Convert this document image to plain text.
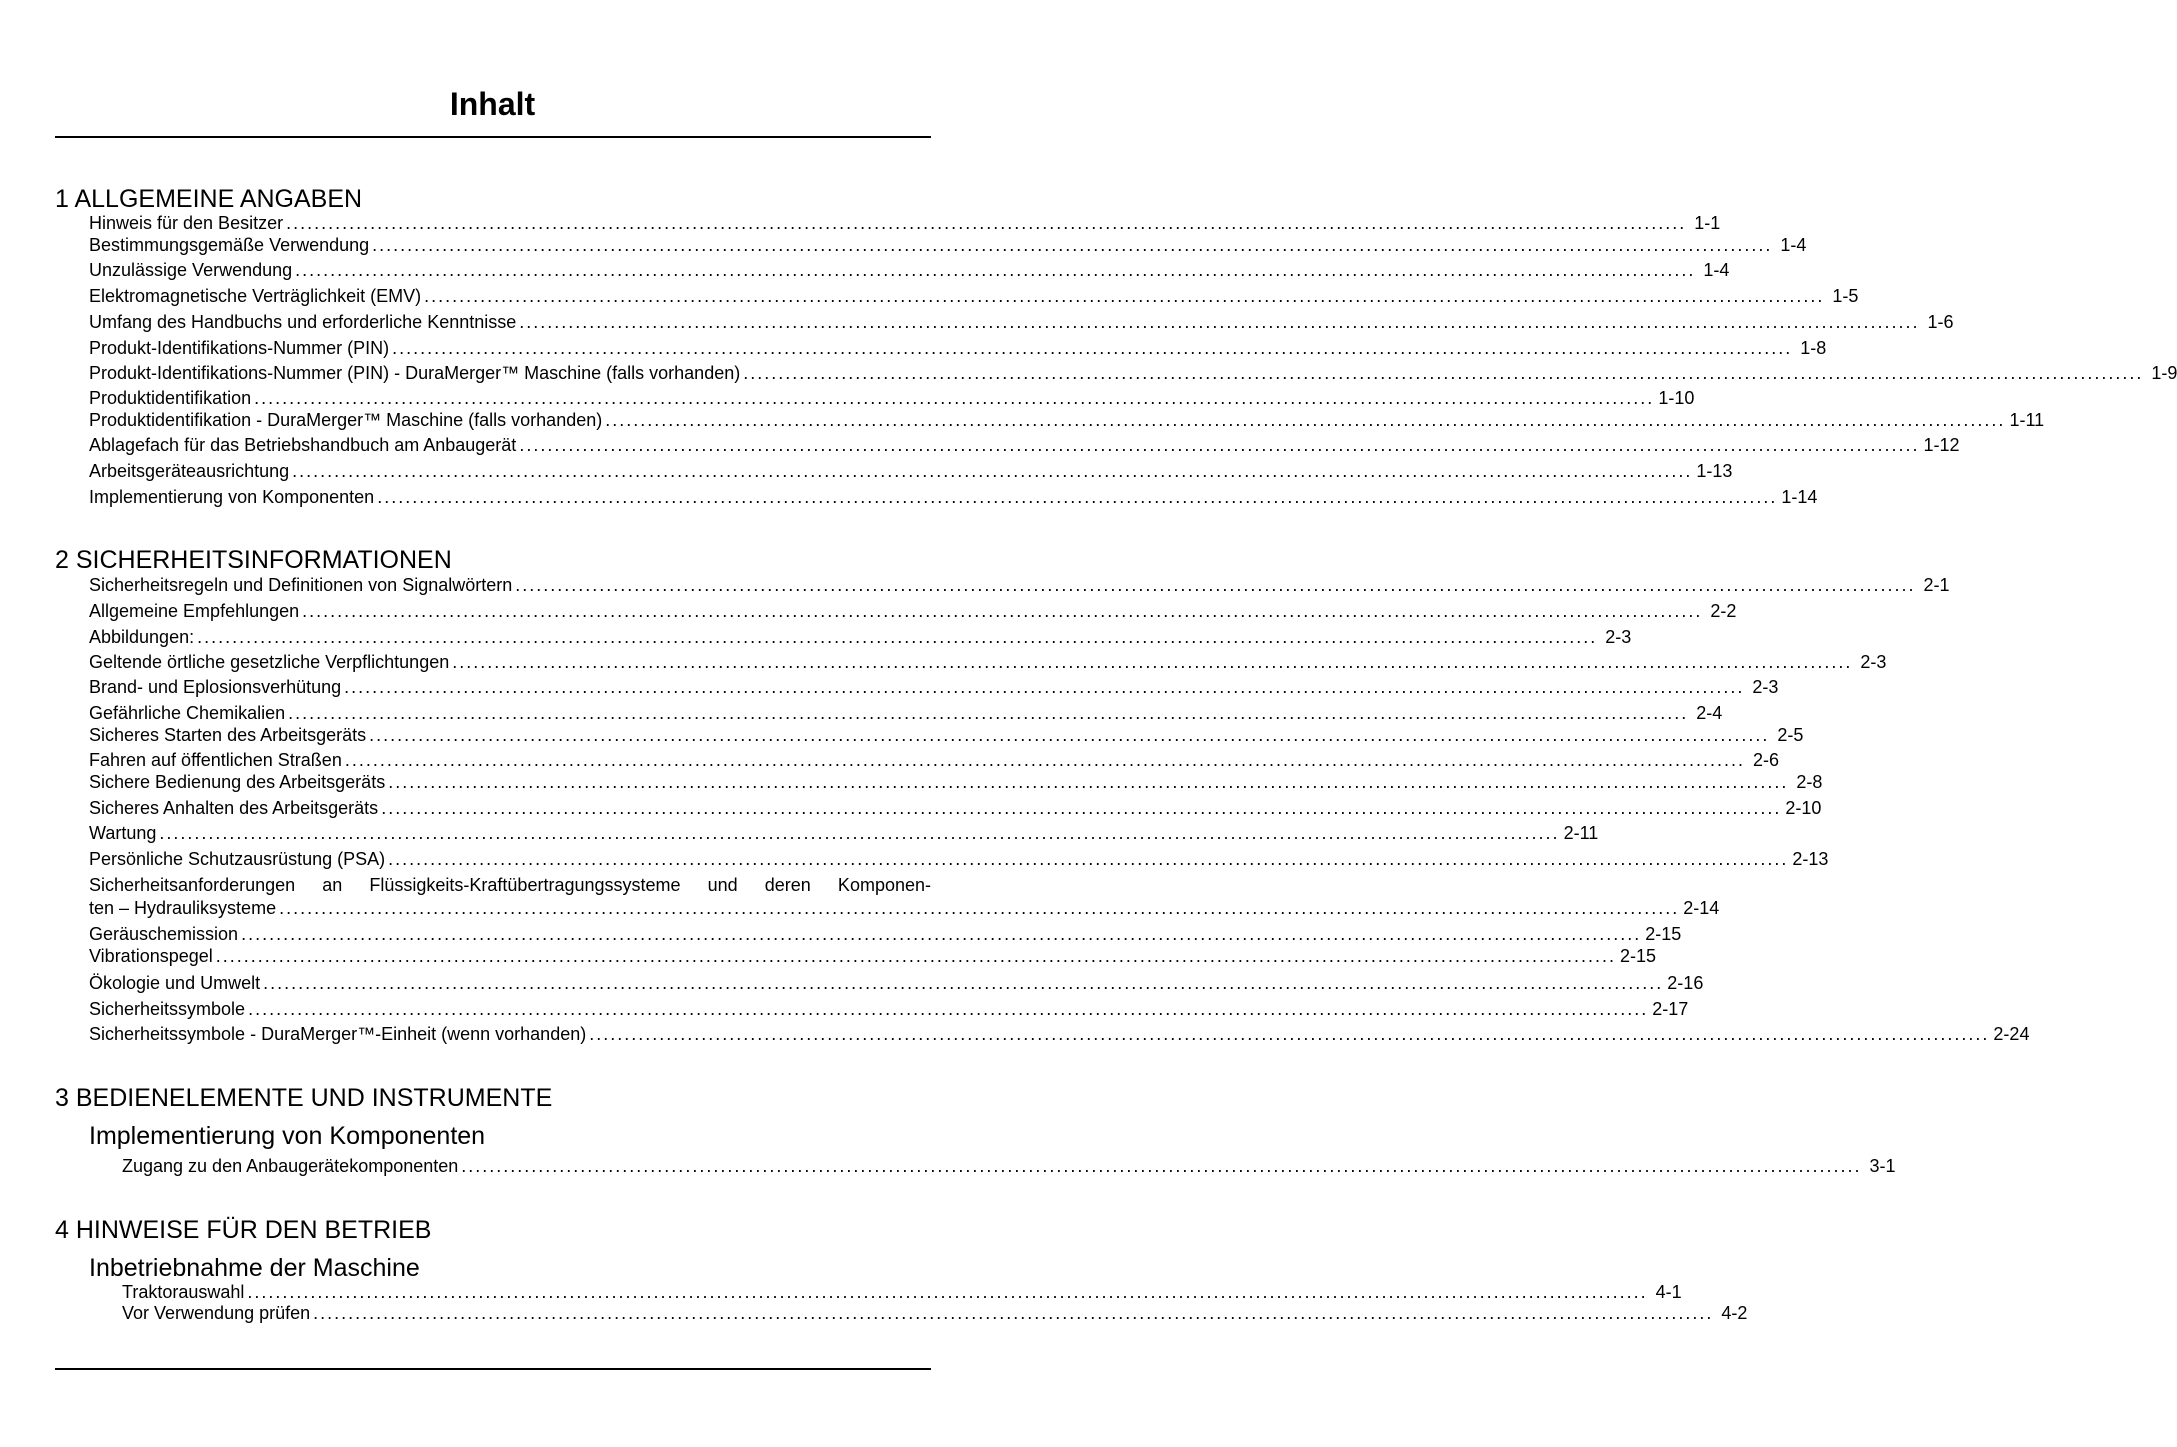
Inhalt
1 ALLGEMEINE ANGABEN
Hinweis für den Besitzer ........................................................................................................................................................................................................ 1-1
Bestimmungsgemäße Verwendung ........................................................................................................................................................................................................ 1-4
Unzulässige Verwendung ........................................................................................................................................................................................................ 1-4
Elektromagnetische Verträglichkeit (EMV) ........................................................................................................................................................................................................ 1-5
Umfang des Handbuchs und erforderliche Kenntnisse ........................................................................................................................................................................................................ 1-6
Produkt-Identifikations-Nummer (PIN) ........................................................................................................................................................................................................ 1-8
Produkt-Identifikations-Nummer (PIN) - DuraMerger™ Maschine (falls vorhanden) ........................................................................................................................................................................................................ 1-9
Produktidentifikation ........................................................................................................................................................................................................ 1-10
Produktidentifikation - DuraMerger™ Maschine (falls vorhanden) ........................................................................................................................................................................................................ 1-11
Ablagefach für das Betriebshandbuch am Anbaugerät ........................................................................................................................................................................................................ 1-12
Arbeitsgeräteausrichtung ........................................................................................................................................................................................................ 1-13
Implementierung von Komponenten ........................................................................................................................................................................................................ 1-14
2 SICHERHEITSINFORMATIONEN
Sicherheitsregeln und Definitionen von Signalwörtern ........................................................................................................................................................................................................ 2-1
Allgemeine Empfehlungen ........................................................................................................................................................................................................ 2-2
Abbildungen: ........................................................................................................................................................................................................ 2-3
Geltende örtliche gesetzliche Verpflichtungen ........................................................................................................................................................................................................ 2-3
Brand- und Eplosionsverhütung ........................................................................................................................................................................................................ 2-3
Gefährliche Chemikalien ........................................................................................................................................................................................................ 2-4
Sicheres Starten des Arbeitsgeräts ........................................................................................................................................................................................................ 2-5
Fahren auf öffentlichen Straßen ........................................................................................................................................................................................................ 2-6
Sichere Bedienung des Arbeitsgeräts ........................................................................................................................................................................................................ 2-8
Sicheres Anhalten des Arbeitsgeräts ........................................................................................................................................................................................................ 2-10
Wartung ........................................................................................................................................................................................................ 2-11
Persönliche Schutzausrüstung (PSA) ........................................................................................................................................................................................................ 2-13
Sicherheitsanforderungen an Flüssigkeits-Kraftübertragungssysteme und deren Komponen-
ten – Hydrauliksysteme ........................................................................................................................................................................................................ 2-14
Geräuschemission ........................................................................................................................................................................................................ 2-15
Vibrationspegel ........................................................................................................................................................................................................ 2-15
Ökologie und Umwelt ........................................................................................................................................................................................................ 2-16
Sicherheitssymbole ........................................................................................................................................................................................................ 2-17
Sicherheitssymbole - DuraMerger™-Einheit (wenn vorhanden) ........................................................................................................................................................................................................ 2-24
3 BEDIENELEMENTE UND INSTRUMENTE
Implementierung von Komponenten
Zugang zu den Anbaugerätekomponenten ........................................................................................................................................................................................................ 3-1
4 HINWEISE FÜR DEN BETRIEB
Inbetriebnahme der Maschine
Traktorauswahl ........................................................................................................................................................................................................ 4-1
Vor Verwendung prüfen ........................................................................................................................................................................................................ 4-2
